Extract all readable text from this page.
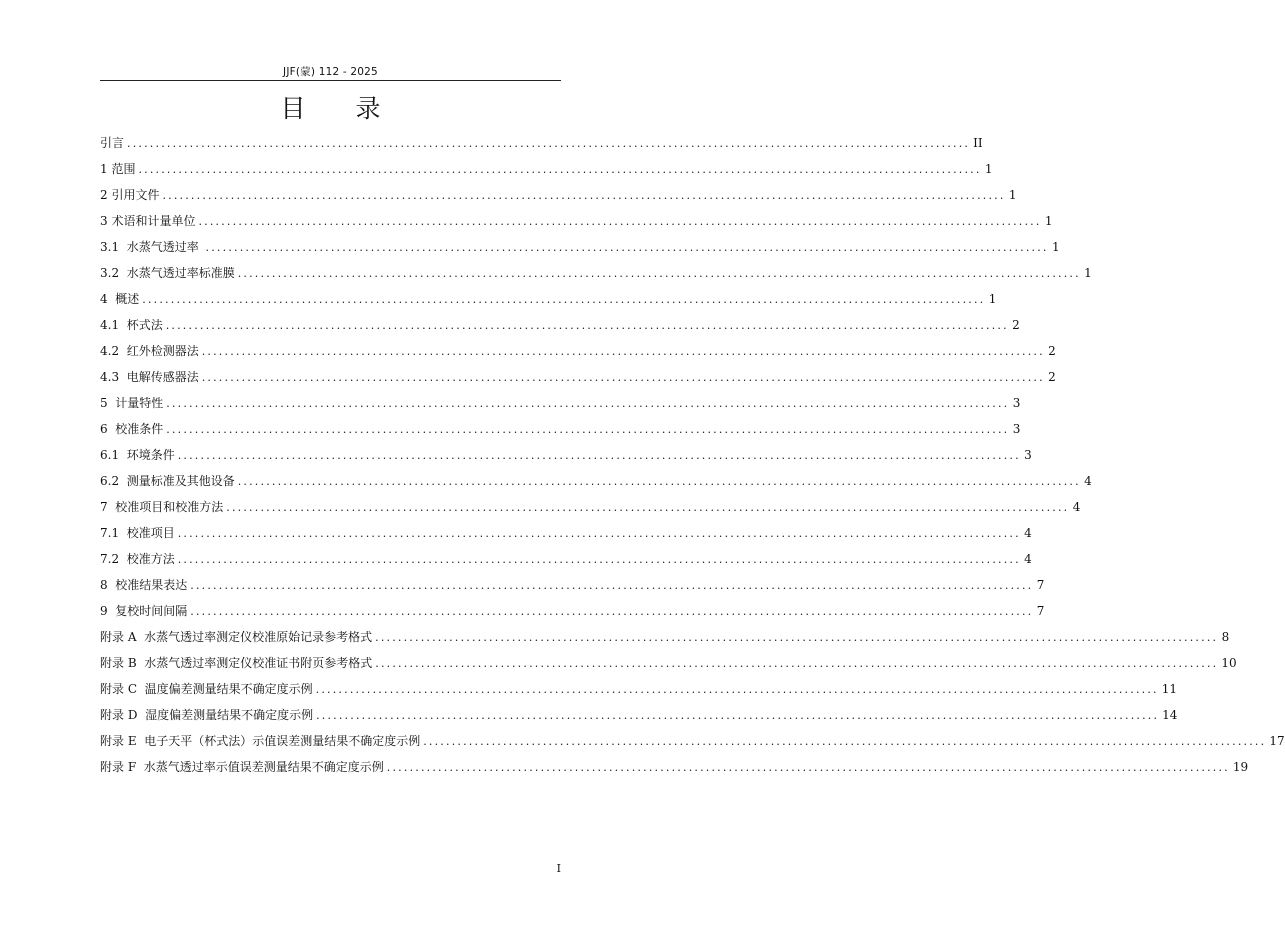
JJF(蒙) 112 - 2025
目录
引言 .................................................................................................................................................... II
1 范围 .................................................................................................................................................... 1
2 引用文件 .................................................................................................................................................... 1
3 术语和计量单位 .................................................................................................................................................... 1
3.1  水蒸气透过率 .................................................................................................................................................... 1
3.2  水蒸气透过率标准膜 .................................................................................................................................................... 1
4  概述 .................................................................................................................................................... 1
4.1  杯式法 .................................................................................................................................................... 2
4.2  红外检测器法 .................................................................................................................................................... 2
4.3  电解传感器法 .................................................................................................................................................... 2
5  计量特性 .................................................................................................................................................... 3
6  校准条件 .................................................................................................................................................... 3
6.1  环境条件 .................................................................................................................................................... 3
6.2  测量标准及其他设备 .................................................................................................................................................... 4
7  校准项目和校准方法 .................................................................................................................................................... 4
7.1  校准项目 .................................................................................................................................................... 4
7.2  校准方法 .................................................................................................................................................... 4
8  校准结果表达 .................................................................................................................................................... 7
9  复校时间间隔 .................................................................................................................................................... 7
附录 A  水蒸气透过率测定仪校准原始记录参考格式 .................................................................................................................................................... 8
附录 B  水蒸气透过率测定仪校准证书附页参考格式 .................................................................................................................................................... 10
附录 C  温度偏差测量结果不确定度示例 .................................................................................................................................................... 11
附录 D  湿度偏差测量结果不确定度示例 .................................................................................................................................................... 14
附录 E  电子天平（杯式法）示值误差测量结果不确定度示例 .................................................................................................................................................... 17
附录 F  水蒸气透过率示值误差测量结果不确定度示例 .................................................................................................................................................... 19
I
